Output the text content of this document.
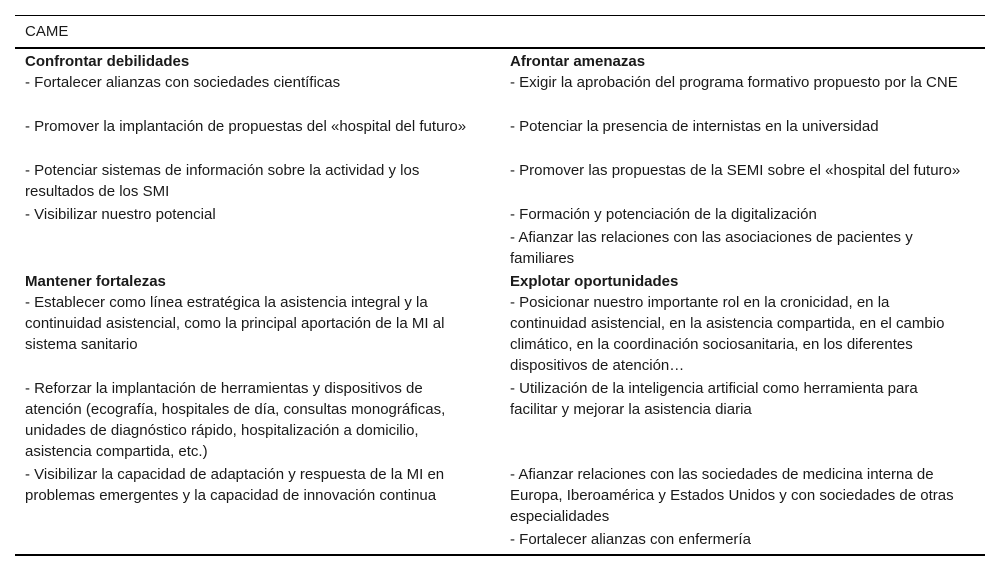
CAME
Confrontar debilidades
- Fortalecer alianzas con sociedades científicas
- Promover la implantación de propuestas del «hospital del futuro»
- Potenciar sistemas de información sobre la actividad y los resultados de los SMI
- Visibilizar nuestro potencial
Afrontar amenazas
- Exigir la aprobación del programa formativo propuesto por la CNE
- Potenciar la presencia de internistas en la universidad
- Promover las propuestas de la SEMI sobre el «hospital del futuro»
- Formación y potenciación de la digitalización
- Afianzar las relaciones con las asociaciones de pacientes y familiares
Mantener fortalezas
- Establecer como línea estratégica la asistencia integral y la continuidad asistencial, como la principal aportación de la MI al sistema sanitario
- Reforzar la implantación de herramientas y dispositivos de atención (ecografía, hospitales de día, consultas monográficas, unidades de diagnóstico rápido, hospitalización a domicilio, asistencia compartida, etc.)
- Visibilizar la capacidad de adaptación y respuesta de la MI en problemas emergentes y la capacidad de innovación continua
Explotar oportunidades
- Posicionar nuestro importante rol en la cronicidad, en la continuidad asistencial, en la asistencia compartida, en el cambio climático, en la coordinación sociosanitaria, en los diferentes dispositivos de atención…
- Utilización de la inteligencia artificial como herramienta para facilitar y mejorar la asistencia diaria
- Afianzar relaciones con las sociedades de medicina interna de Europa, Iberoamérica y Estados Unidos y con sociedades de otras especialidades
- Fortalecer alianzas con enfermería
